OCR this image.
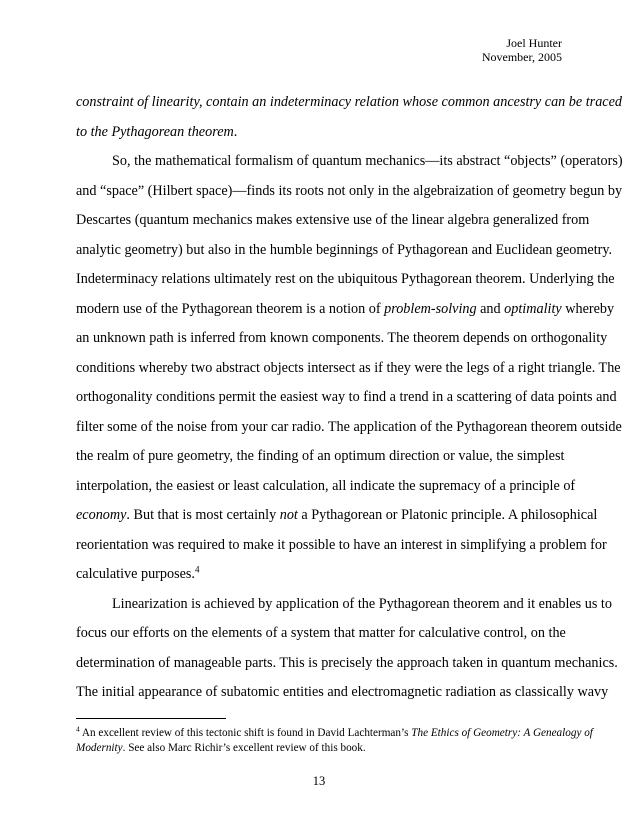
Joel Hunter
November, 2005

constraint of linearity, contain an indeterminacy relation whose common ancestry can be traced
to the Pythagorean theorem.

So, the mathematical formalism of quantum mechanics—its abstract “objects” (operators)
and “space” (Hilbert space)—finds its roots not only in the algebraization of geometry begun by
Descartes (quantum mechanics makes extensive use of the linear algebra generalized from
analytic geometry) but also in the humble beginnings of Pythagorean and Euclidean geometry.
Indeterminacy relations ultimately rest on the ubiquitous Pythagorean theorem. Underlying the
modern use of the Pythagorean theorem is a notion of problem-solving and optimality whereby
an unknown path is inferred from known components. The theorem depends on orthogonality
conditions whereby two abstract objects intersect as if they were the legs of a right triangle. The
orthogonality conditions permit the easiest way to find a trend in a scattering of data points and
filter some of the noise from your car radio. The application of the Pythagorean theorem outside
the realm of pure geometry, the finding of an optimum direction or value, the simplest
interpolation, the easiest or least calculation, all indicate the supremacy of a principle of
economy. But that is most certainly not a Pythagorean or Platonic principle. A philosophical
reorientation was required to make it possible to have an interest in simplifying a problem for
calculative purposes.$^4$

Linearization is achieved by application of the Pythagorean theorem and it enables us to
focus our efforts on the elements of a system that matter for calculative control, on the
determination of manageable parts. This is precisely the approach taken in quantum mechanics.
The initial appearance of subatomic entities and electromagnetic radiation as classically wavy

$^4$ An excellent review of this tectonic shift is found in David Lachterman’s The Ethics of Geometry: A Genealogy of
Modernity. See also Marc Richir’s excellent review of this book.
13
